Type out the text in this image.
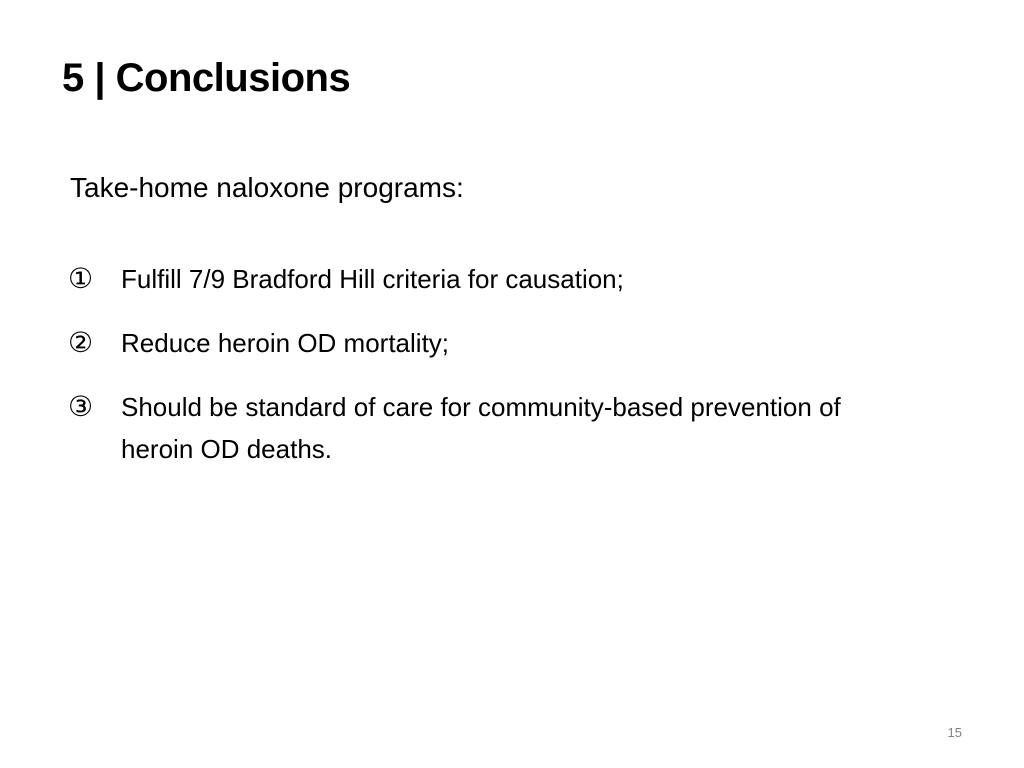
5 | Conclusions
Take-home naloxone programs:
①	Fulfill 7/9 Bradford Hill criteria for causation;
②	Reduce heroin OD mortality;
③	Should be standard of care for community-based prevention of heroin OD deaths.
15
